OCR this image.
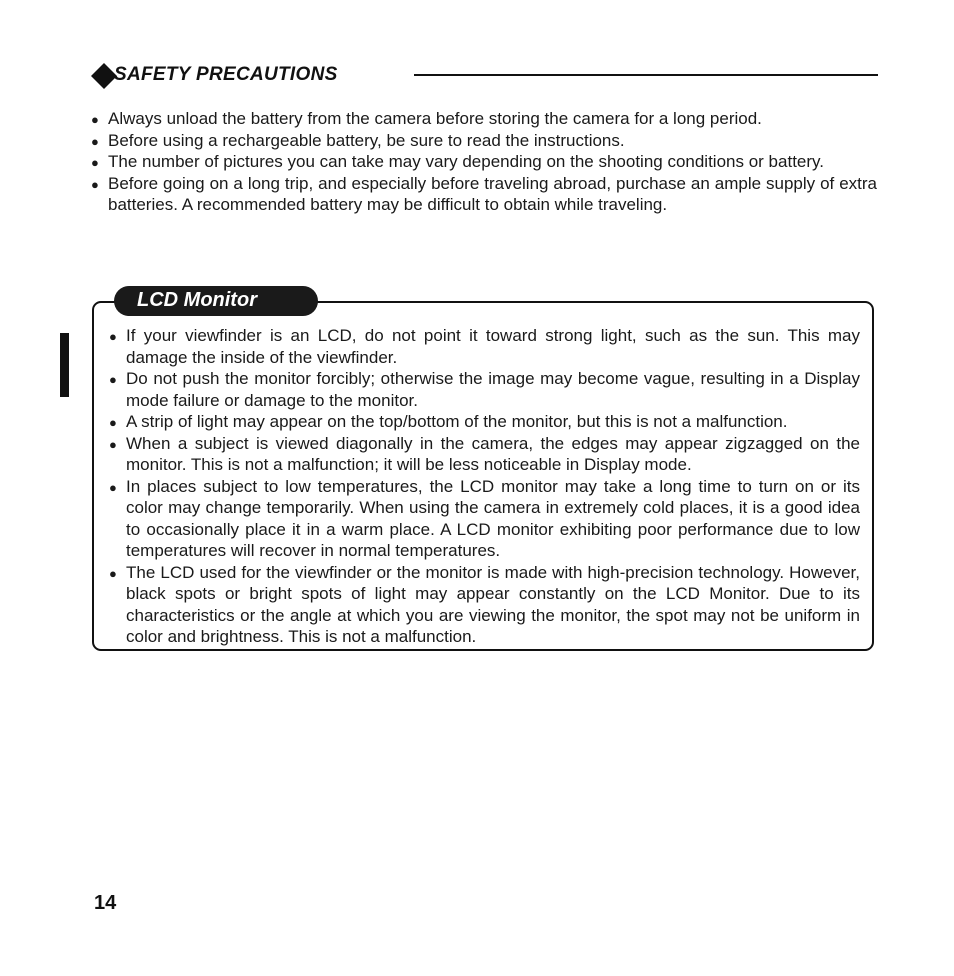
SAFETY PRECAUTIONS
● Always unload the battery from the camera before storing the camera for a long period.
● Before using a rechargeable battery, be sure to read the instructions.
● The number of pictures you can take may vary depending on the shooting conditions or battery.
● Before going on a long trip, and especially before traveling abroad, purchase an ample supply of extra batteries. A recommended battery may be difficult to obtain while traveling.
LCD Monitor
● If your viewfinder is an LCD, do not point it toward strong light, such as the sun. This may damage the inside of the viewfinder.
● Do not push the monitor forcibly; otherwise the image may become vague, resulting in a Display mode failure or damage to the monitor.
● A strip of light may appear on the top/bottom of the monitor, but this is not a malfunction.
● When a subject is viewed diagonally in the camera, the edges may appear zigzagged on the monitor. This is not a malfunction; it will be less noticeable in Display mode.
● In places subject to low temperatures, the LCD monitor may take a long time to turn on or its color may change temporarily. When using the camera in extremely cold places, it is a good idea to occasionally place it in a warm place. A LCD monitor exhibiting poor performance due to low temperatures will recover in normal temperatures.
● The LCD used for the viewfinder or the monitor is made with high-precision technology. However, black spots or bright spots of light may appear constantly on the LCD Monitor. Due to its characteristics or the angle at which you are viewing the monitor, the spot may not be uniform in color and brightness. This is not a malfunction.
14
